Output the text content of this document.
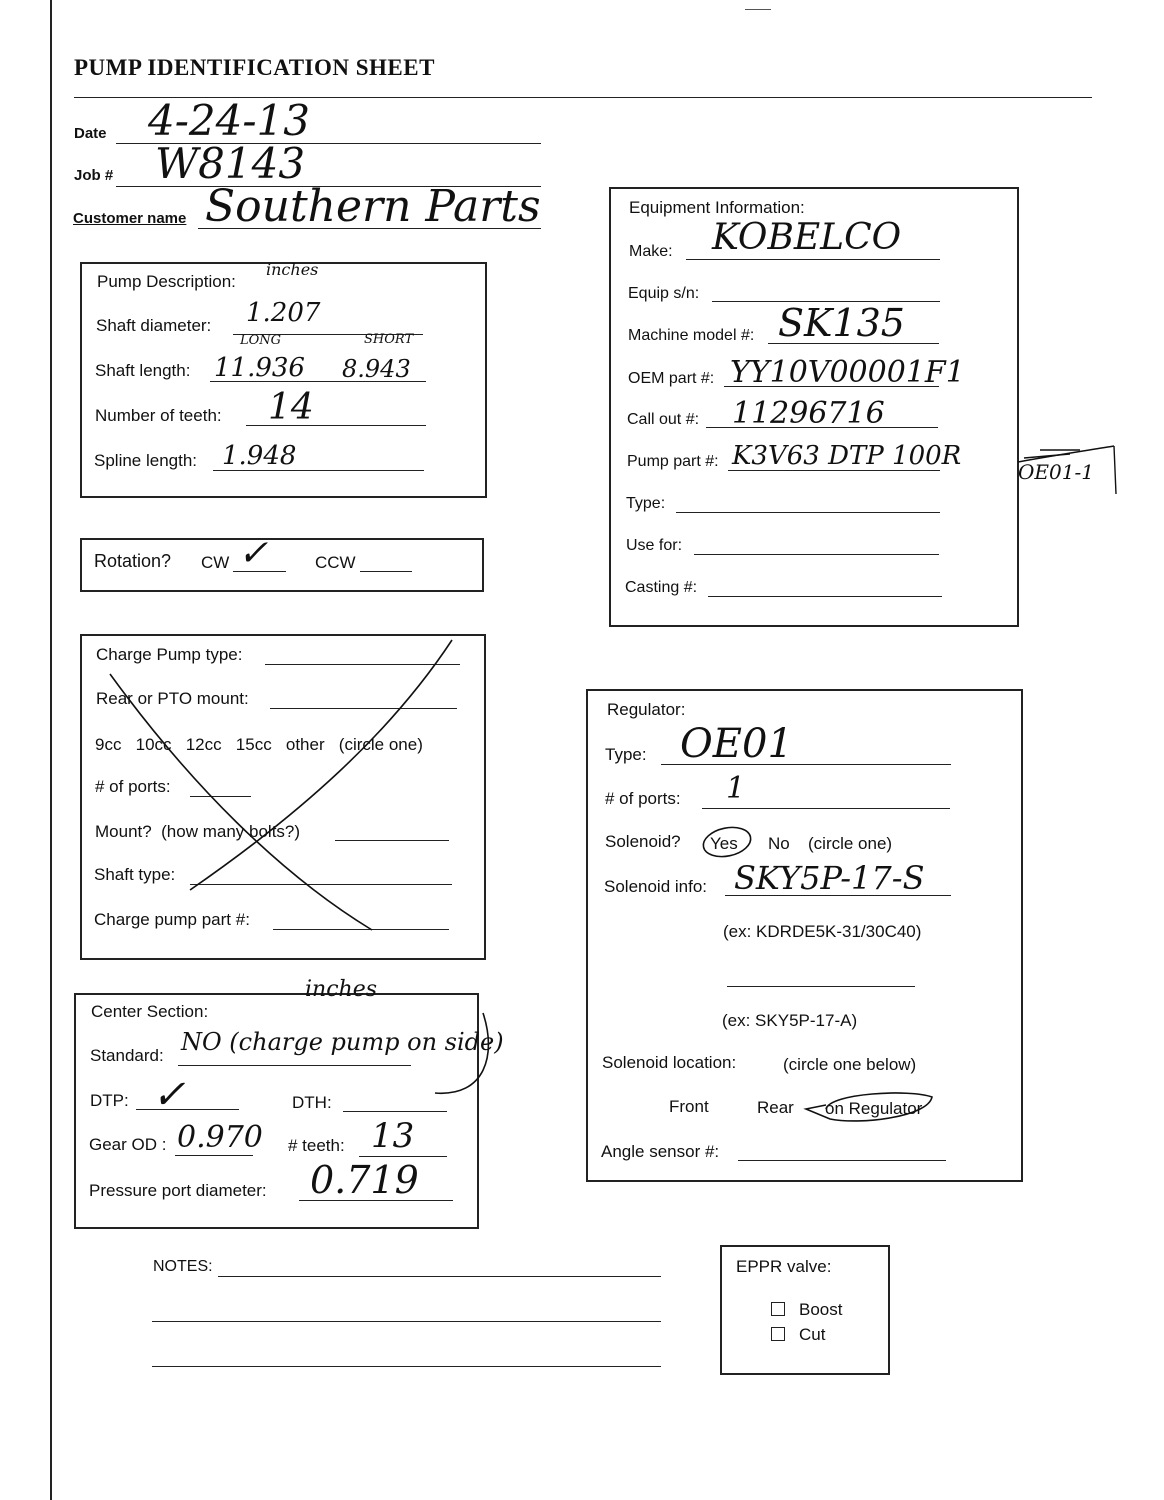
PUMP IDENTIFICATION SHEET
Date 4-24-13
Job # W8143
Customer name Southern Parts
Pump Description:
inches
Shaft diameter: 1.207
LONG	SHORT
Shaft length: 11.936 8.943
Number of teeth: 14
Spline length: 1.948
Rotation? CW ✓	CCW
Charge Pump type:
Rear or PTO mount:
9cc   10cc   12cc   15cc   other   (circle one)
# of ports:
Mount?  (how many bolts?)
Shaft type:
Charge pump part #:
Center Section:
inches
Standard: NO (charge pump on side)
DTP: ✓	DTH:
Gear OD : 0.970 # teeth: 13
Pressure port diameter: 0.719
Equipment Information:
Make: KOBELCO
Equip s/n:
Machine model #: SK135
OEM part #: YY10V00001F1
Call out #: 11296716
Pump part #: K3V63 DTP 100R
OE01-1
Type:
Use for:
Casting #:
Regulator:
Type: OE01
# of ports: 1
Solenoid? Yes No (circle one)
Solenoid info: SKY5P-17-S
(ex: KDRDE5K-31/30C40)
(ex: SKY5P-17-A)
Solenoid location:	(circle one below)
Front	Rear on Regulator
Angle sensor #:
NOTES:	EPPR valve:
Boost
Cut
